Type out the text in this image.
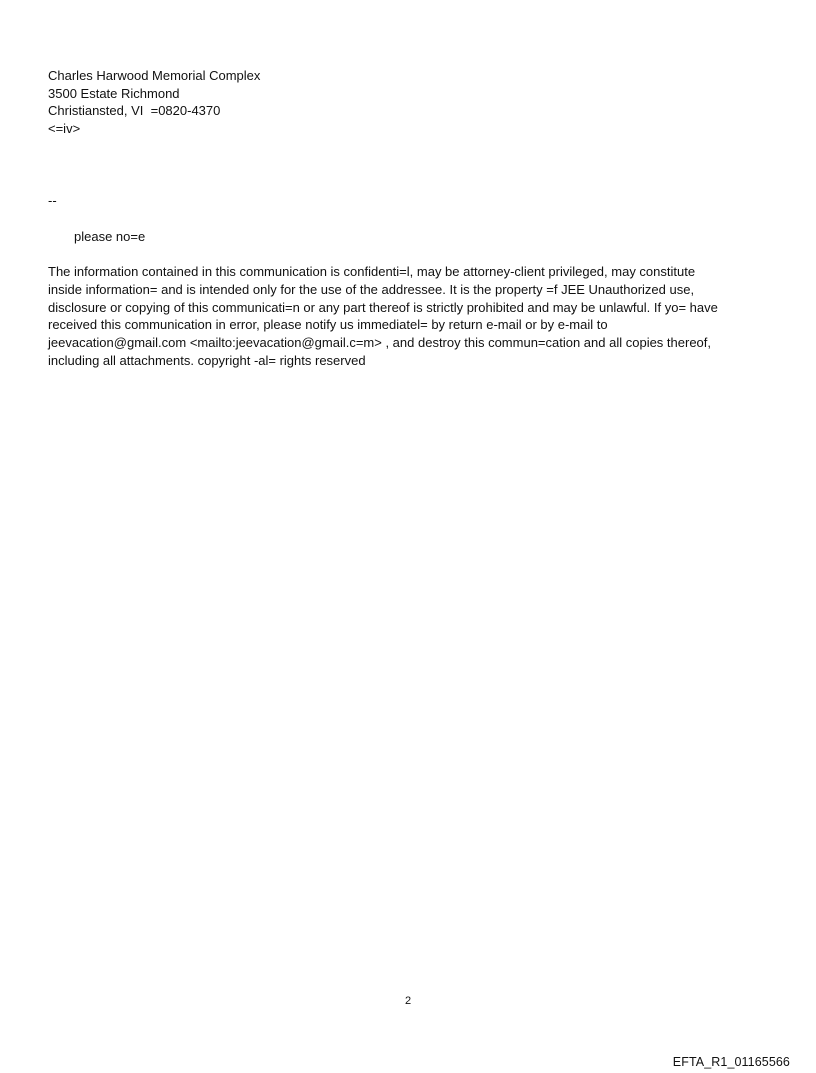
Charles Harwood Memorial Complex
3500 Estate Richmond
Christiansted, VI  =0820-4370
<=iv>
--
please no=e
The information contained in this communication is confidenti=l, may be attorney-client privileged, may constitute
inside information= and is intended only for the use of the addressee. It is the property =f JEE Unauthorized use,
disclosure or copying of this communicati=n or any part thereof is strictly prohibited and may be unlawful. If yo= have
received this communication in error, please notify us immediatel= by return e-mail or by e-mail to
jeevacation@gmail.com <mailto:jeevacation@gmail.c=m> , and destroy this commun=cation and all copies thereof,
including all attachments. copyright -al= rights reserved
2
EFTA_R1_01165566
